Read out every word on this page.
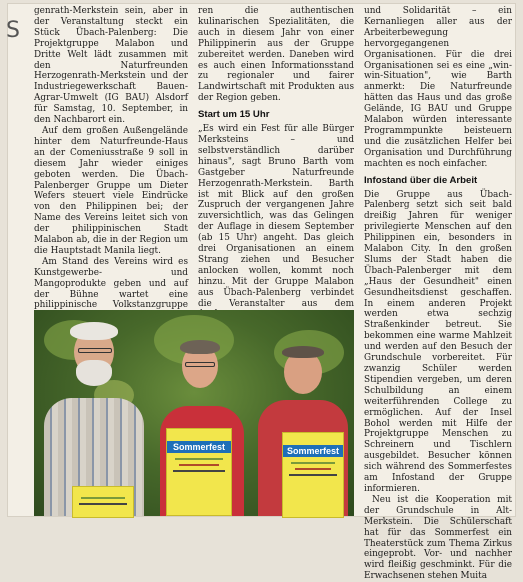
S

genrath-Merkstein sein, aber in der Veranstaltung steckt ein Stück Übach-Palenberg: Die Projektgruppe Malabon und Dritte Welt lädt zusammen mit den Naturfreunden Herzogenrath-Merkstein und der Industriegewerkschaft Bauen-Agrar-Umwelt (IG BAU) Alsdorf für Samstag, 10. September, in den Nachbarort ein.

Auf dem großen Außengelände hinter dem Naturfreunde-Haus an der Comeniusstraße 9 soll in diesem Jahr wieder einiges geboten werden. Die Übach-Palenberger Gruppe um Dieter Wefers steuert viele Eindrücke von den Philippinen bei; der Name des Vereins leitet sich von der philippinischen Stadt Malabon ab, die in der Region um die Hauptstadt Manila liegt.

Am Stand des Vereins wird es Kunstgewerbe- und Mangoprodukte geben und auf der Bühne wartet eine philippinische Volkstanzgruppe

ren die authentischen kulinarischen Spezialitäten, die auch in diesem Jahr von einer Philippinerin aus der Gruppe zubereitet werden. Daneben wird es auch einen Informationsstand zu regionaler und fairer Landwirtschaft mit Produkten aus der Region geben.

Start um 15 Uhr

„Es wird ein Fest für alle Bürger Merksteins – und selbstverständlich darüber hinaus", sagt Bruno Barth vom Gastgeber Naturfreunde Herzogenrath-Merkstein. Barth ist mit Blick auf den großen Zuspruch der vergangenen Jahre zuversichtlich, was das Gelingen der Auflage in diesem September (ab 15 Uhr) angeht. Das gleich drei Organisationen an einem Strang ziehen und Besucher anlocken wollen, kommt noch hinzu. Mit der Gruppe Malabon aus Übach-Palenberg verbindet die Veranstalter aus dem

und Solidarität – ein Kernanliegen aller aus der Arbeiterbewegung hervorgegangenen Organisationen. Für die drei Organisationen sei es eine „win-win-Situation", wie Barth anmerkt: Die Naturfreunde hätten das Haus und das große Gelände, IG BAU und Gruppe Malabon würden interessante Programmpunkte beisteuern und die zusätzlichen Helfer bei Organisation und Durchführung machten es noch einfacher.

Infostand über die Arbeit

Die Gruppe aus Übach-Palenberg setzt sich seit bald dreißig Jahren für weniger privilegierte Menschen auf den Philippinen ein, besonders in Malabon City. In den großen Slums der Stadt haben die Übach-Palenberger mit dem „Haus der Gesundheit" einen Gesundheitsdienst geschaffen. In einem anderen Projekt werden etwa sechzig Straßenkinder betreut. Sie bekommen eine warme Mahlzeit und werden auf den Besuch der Grundschule vorbereitet. Für zwanzig Schüler werden Stipendien vergeben, um deren Schulbildung an einem weiterführenden College zu ermöglichen. Auf der Insel Bohol werden mit Hilfe der Projektgruppe Menschen zu Schreinern und Tischlern ausgebildet. Besucher können sich während des Sommerfestes am Infostand der Gruppe informieren.

Neu ist die Kooperation mit der Grundschule in Alt-Merkstein. Die Schülerschaft hat für das Sommerfest ein Theaterstück zum Thema Zirkus eingeprobt. Vor- und nachher wird fleißig geschminkt. Für die Erwachsenen stehen Muita

Sommerfest	Sommerfest
